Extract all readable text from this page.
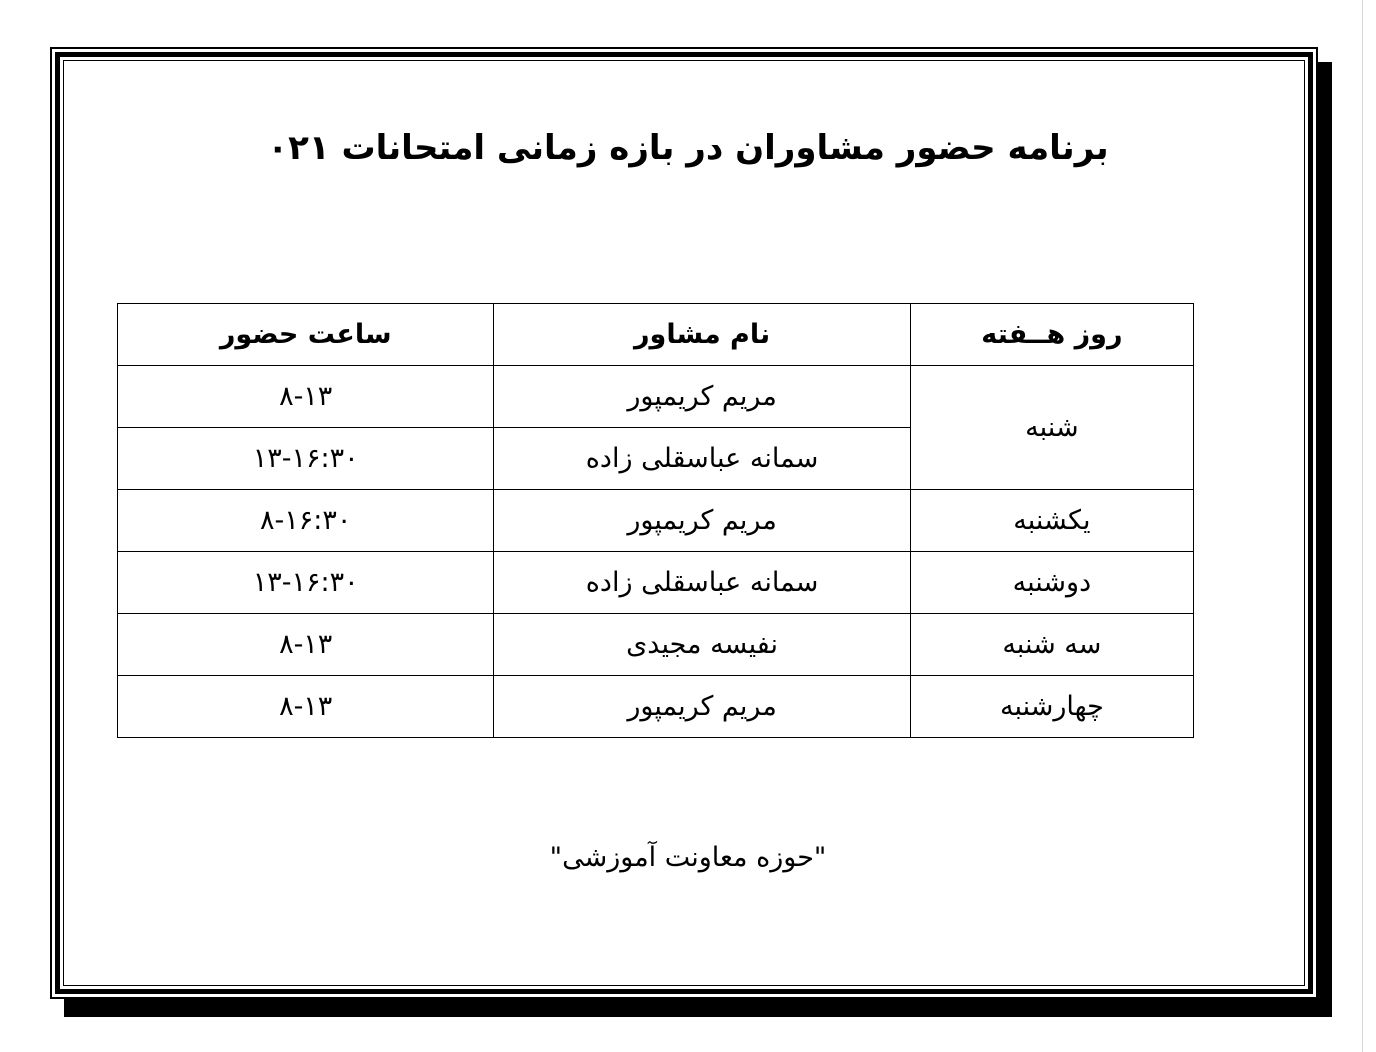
برنامه حضور مشاوران در بازه زمانی امتحانات ۰۲۱
روز هــفته	نام مشاور	ساعت حضور
شنبه	مریم کریمپور	۸-۱۳
	سمانه عباسقلی زاده	۱۳-۱۶:۳۰
یکشنبه	مریم کریمپور	۸-۱۶:۳۰
دوشنبه	سمانه عباسقلی زاده	۱۳-۱۶:۳۰
سه شنبه	نفیسه مجیدی	۸-۱۳
چهارشنبه	مریم کریمپور	۸-۱۳
"حوزه معاونت آموزشی"
